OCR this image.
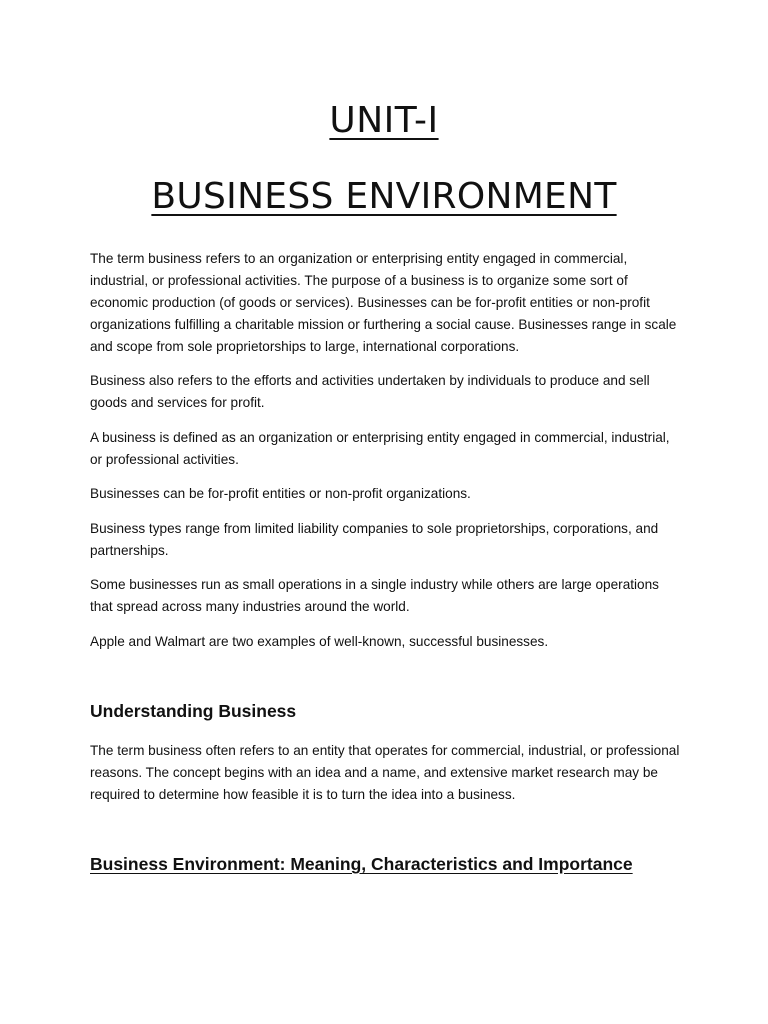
UNIT-I
BUSINESS ENVIRONMENT

The term business refers to an organization or enterprising entity engaged in commercial, industrial, or professional activities. The purpose of a business is to organize some sort of economic production (of goods or services). Businesses can be for-profit entities or non-profit organizations fulfilling a charitable mission or furthering a social cause. Businesses range in scale and scope from sole proprietorships to large, international corporations.

Business also refers to the efforts and activities undertaken by individuals to produce and sell goods and services for profit.

A business is defined as an organization or enterprising entity engaged in commercial, industrial, or professional activities.

Businesses can be for-profit entities or non-profit organizations.

Business types range from limited liability companies to sole proprietorships, corporations, and partnerships.

Some businesses run as small operations in a single industry while others are large operations that spread across many industries around the world.

Apple and Walmart are two examples of well-known, successful businesses.

Understanding Business

The term business often refers to an entity that operates for commercial, industrial, or professional reasons. The concept begins with an idea and a name, and extensive market research may be required to determine how feasible it is to turn the idea into a business.

Business Environment: Meaning, Characteristics and Importance
